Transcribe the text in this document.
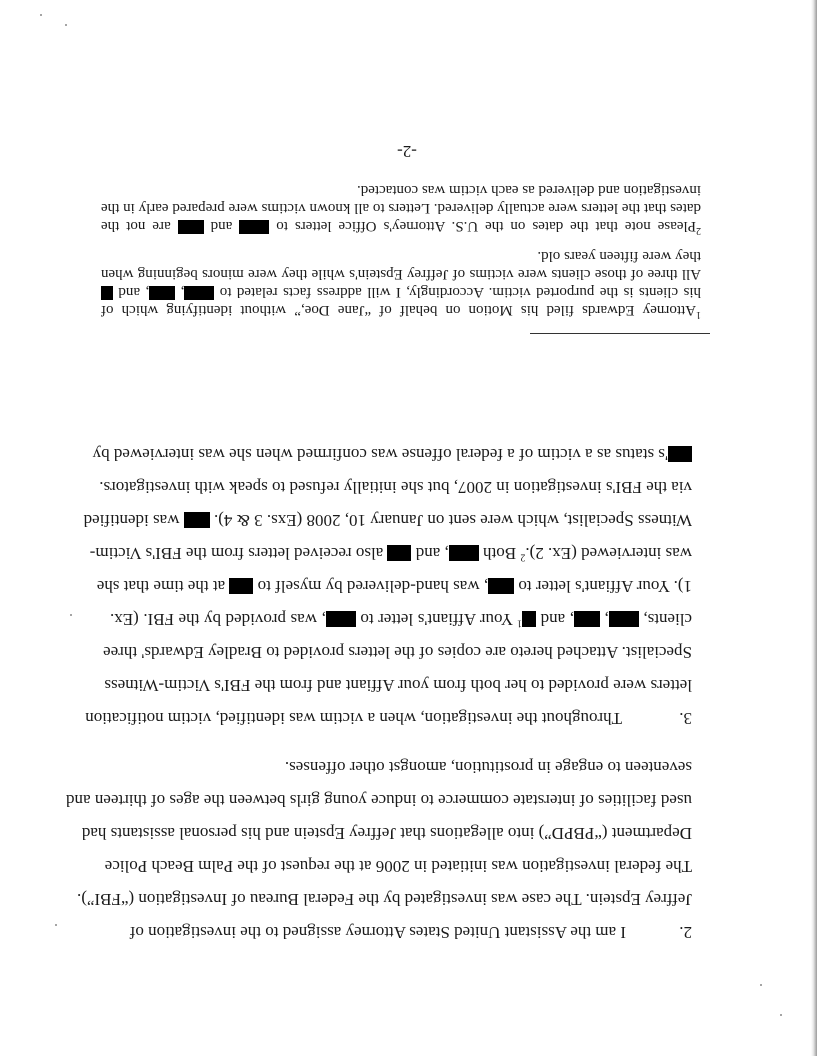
2.I am the Assistant United States Attorney assigned to the investigation of
Jeffrey Epstein. The case was investigated by the Federal Bureau of Investigation (“FBI”).
The federal investigation was initiated in 2006 at the request of the Palm Beach Police
Department (“PBPD”) into allegations that Jeffrey Epstein and his personal assistants had
used facilities of interstate commerce to induce young girls between the ages of thirteen and
seventeen to engage in prostitution, amongst other offenses.
3.Throughout the investigation, when a victim was identified, victim notification
letters were provided to her both from your Affiant and from the FBI's Victim-Witness
Specialist. Attached hereto are copies of the letters provided to Bradley Edwards' three
clients, , , and $^1$ Your Affiant's letter to , was provided by the FBI. (Ex.
1). Your Affiant's letter to , was hand-delivered by myself to  at the time that she
was interviewed (Ex. 2).$^2$ Both , and  also received letters from the FBI's Victim-
Witness Specialist, which were sent on January 10, 2008 (Exs. 3 & 4).  was identified
via the FBI's investigation in 2007, but she initially refused to speak with investigators.
's status as a victim of a federal offense was confirmed when she was interviewed by
$^1$Attorney Edwards filed his Motion on behalf of “Jane Doe,” without identifying which of
his clients is the purported victim. Accordingly, I will address facts related to , , and
All three of those clients were victims of Jeffrey Epstein's while they were minors beginning when
they were fifteen years old.
$^2$Please note that the dates on the U.S. Attorney's Office letters to  and  are not the
dates that the letters were actually delivered. Letters to all known victims were prepared early in the
investigation and delivered as each victim was contacted.
-2-
